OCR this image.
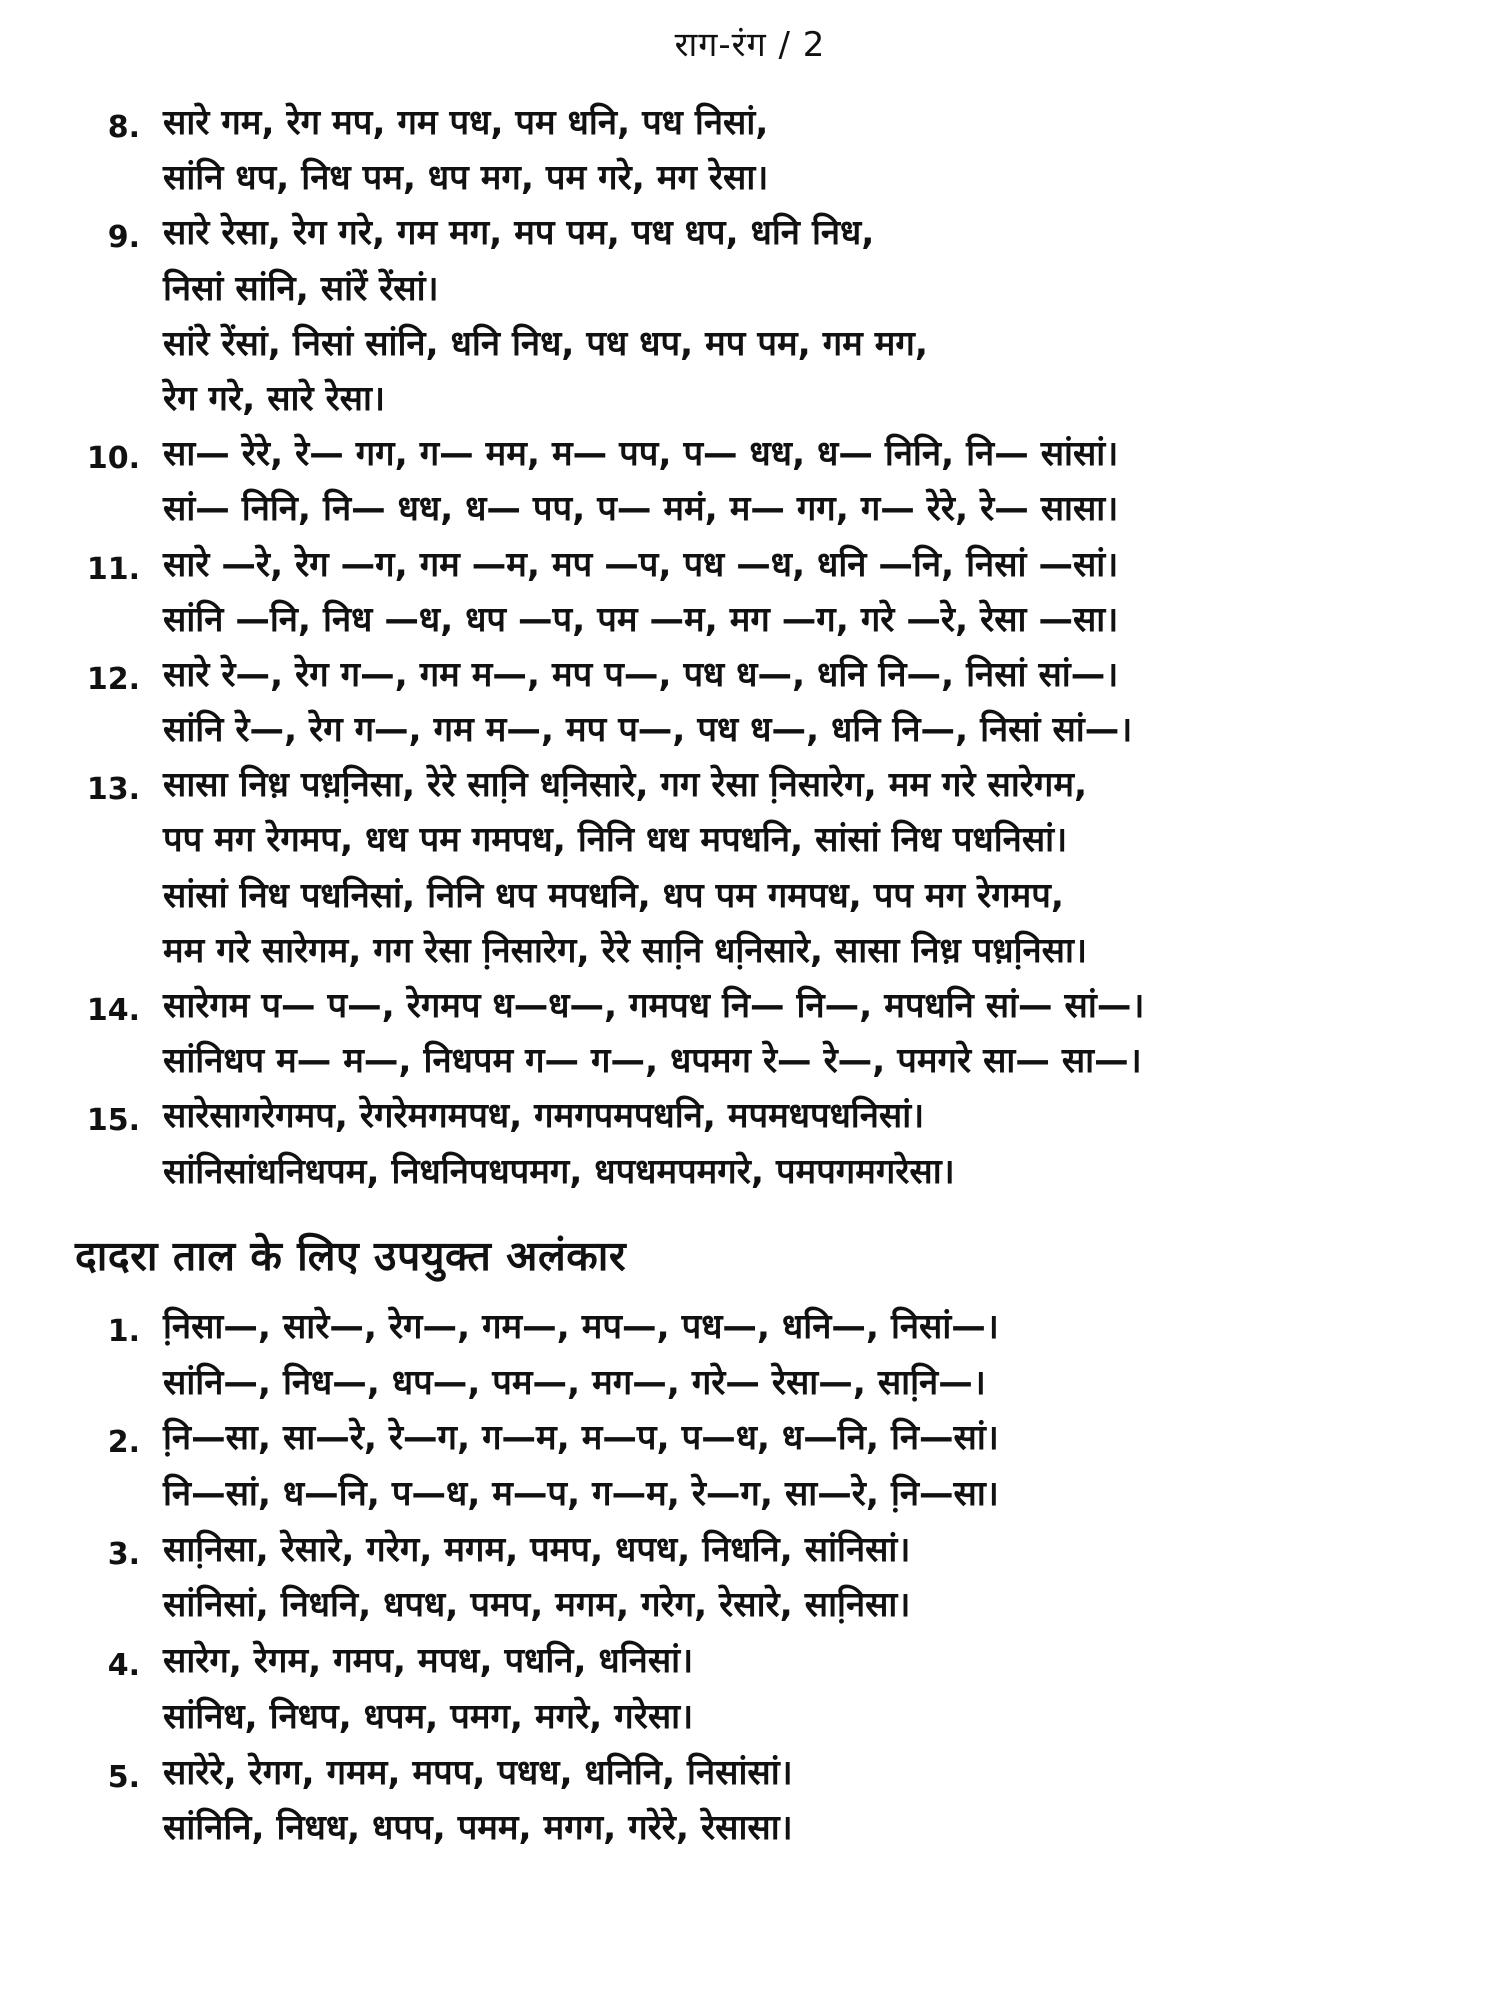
राग-रंग / 2
8. सारे गम, रेग मप, गम पध, पम धनि, पध निसां,
सांनि धप, निध पम, धप मग, पम गरे, मग रेसा।
9. सारे रेसा, रेग गरे, गम मग, मप पम, पध धप, धनि निध,
निसां सांनि, सांरें रेंसां।
सांरे रेंसां, निसां सांनि, धनि निध, पध धप, मप पम, गम मग,
रेग गरे, सारे रेसा।
10. सा— रेरे, रे— गग, ग— मम, म— पप, प— धध, ध— निनि, नि— सांसां।
सां— निनि, नि— धध, ध— पप, प— ममं, म— गग, ग— रेरे, रे— सासा।
11. सारे —रे, रेग —ग, गम —म, मप —प, पध —ध, धनि —नि, निसां —सां।
सांनि —नि, निध —ध, धप —प, पम —म, मग —ग, गरे —रे, रेसा —सा।
12. सारे रे—, रेग ग—, गम म—, मप प—, पध ध—, धनि नि—, निसां सां—।
सांनि रे—, रेग ग—, गम म—, मप प—, पध ध—, धनि नि—, निसां सां—।
13. सासा निध़ पध़नि़सा, रेरे सानि़ धनि़सारे, गग रेसा नि़सारेग, मम गरे सारेगम,
पप मग रेगमप, धध पम गमपध, निनि धध मपधनि, सांसां निध पधनिसां।
सांसां निध पधनिसां, निनि धप मपधनि, धप पम गमपध, पप मग रेगमप,
मम गरे सारेगम, गग रेसा नि़सारेग, रेरे सानि़ धनि़सारे, सासा निध़ पध़नि़सा।
14. सारेगम प— प—, रेगमप ध—ध—, गमपध नि— नि—, मपधनि सां— सां—।
सांनिधप म— म—, निधपम ग— ग—, धपमग रे— रे—, पमगरे सा— सा—।
15. सारेसागरेगमप, रेगरेमगमपध, गमगपमपधनि, मपमधपधनिसां।
सांनिसांधनिधपम, निधनिपधपमग, धपधमपमगरे, पमपगमगरेसा।
दादरा ताल के लिए उपयुक्त अलंकार
1. नि़सा—, सारे—, रेग—, गम—, मप—, पध—, धनि—, निसां—।
सांनि—, निध—, धप—, पम—, मग—, गरे— रेसा—, सानि़—।
2. नि़—सा, सा—रे, रे—ग, ग—म, म—प, प—ध, ध—नि, नि—सां।
नि—सां, ध—नि, प—ध, म—प, ग—म, रे—ग, सा—रे, नि़—सा।
3. सानि़सा, रेसारे, गरेग, मगम, पमप, धपध, निधनि, सांनिसां।
सांनिसां, निधनि, धपध, पमप, मगम, गरेग, रेसारे, सानि़सा।
4. सारेग, रेगम, गमप, मपध, पधनि, धनिसां।
सांनिध, निधप, धपम, पमग, मगरे, गरेसा।
5. सारेरे, रेगग, गमम, मपप, पधध, धनिनि, निसांसां।
सांनिनि, निधध, धपप, पमम, मगग, गरेरे, रेसासा।
